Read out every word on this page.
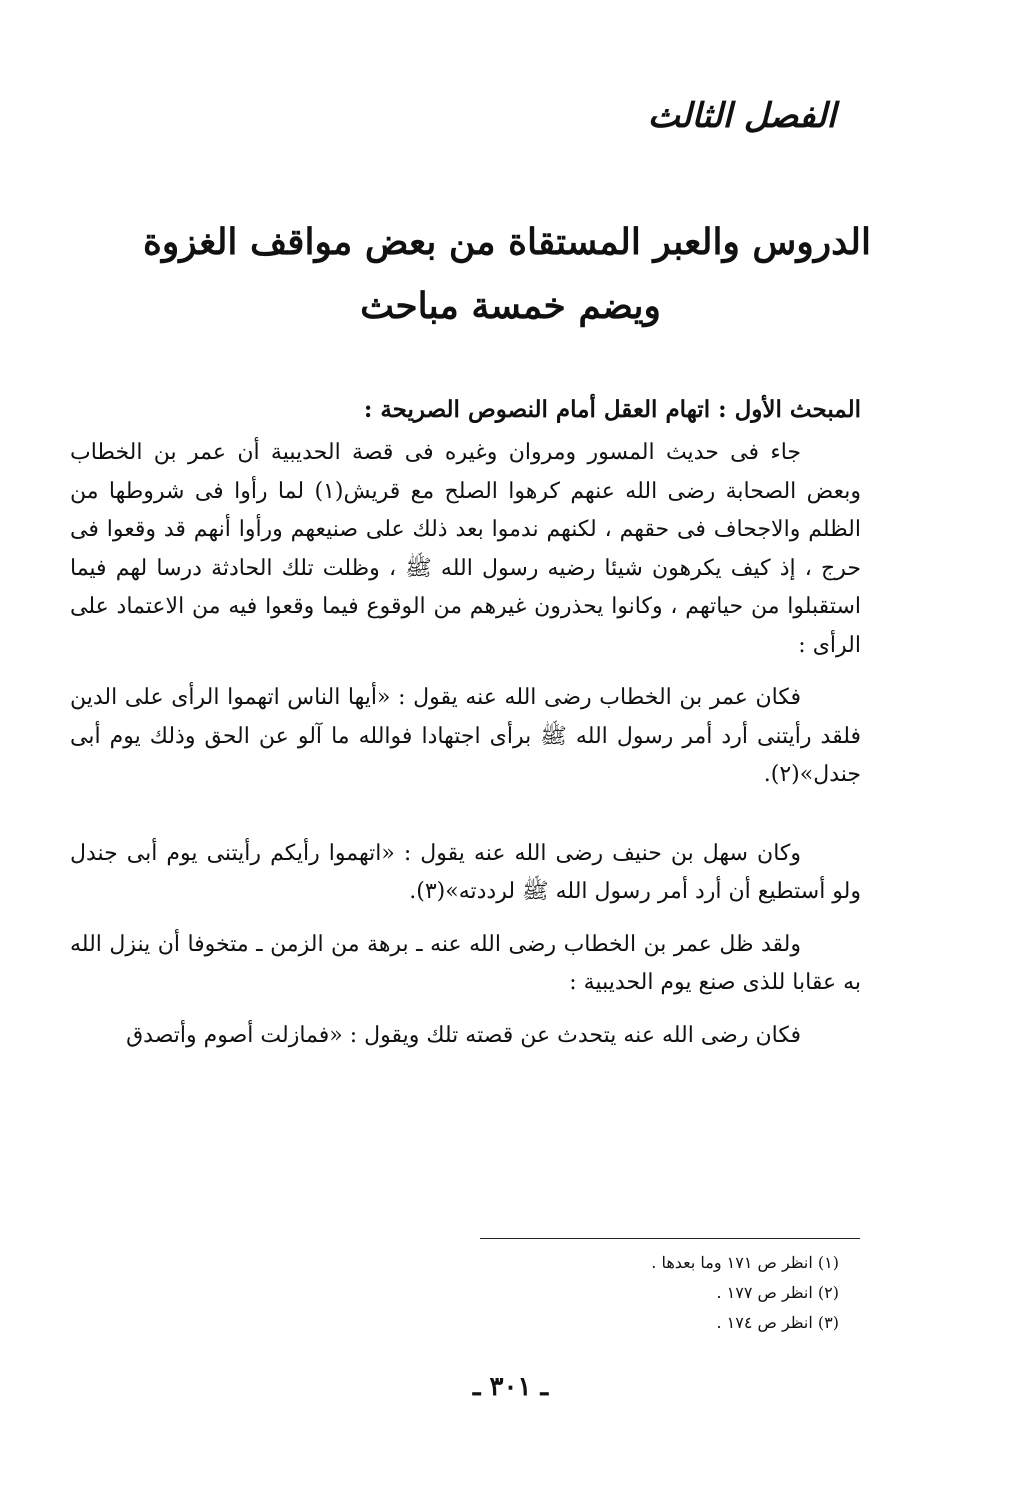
الفصل الثالث
الدروس والعبر المستقاة من بعض مواقف الغزوة
ويضم خمسة مباحث
المبحث الأول : اتهام العقل أمام النصوص الصريحة :

جاء فى حديث المسور ومروان وغيره فى قصة الحديبية أن عمر بن الخطاب وبعض الصحابة رضى الله عنهم كرهوا الصلح مع قريش(١) لما رأوا فى شروطها من الظلم والاجحاف فى حقهم ، لكنهم ندموا بعد ذلك على صنيعهم ورأوا أنهم قد وقعوا فى حرج ، إذ كيف يكرهون شيئا رضيه رسول الله ﷺ ، وظلت تلك الحادثة درسا لهم فيما استقبلوا من حياتهم ، وكانوا يحذرون غيرهم من الوقوع فيما وقعوا فيه من الاعتماد على الرأى :

فكان عمر بن الخطاب رضى الله عنه يقول : «أيها الناس اتهموا الرأى على الدين فلقد رأيتنى أرد أمر رسول الله ﷺ برأى اجتهادا فوالله ما آلو عن الحق وذلك يوم أبى جندل»(٢).

وكان سهل بن حنيف رضى الله عنه يقول : «اتهموا رأيكم رأيتنى يوم أبى جندل ولو أستطيع أن أرد أمر رسول الله ﷺ لرددته»(٣).

ولقد ظل عمر بن الخطاب رضى الله عنه ـ برهة من الزمن ـ متخوفا أن ينزل الله به عقابا للذى صنع يوم الحديبية :

فكان رضى الله عنه يتحدث عن قصته تلك ويقول : «فمازلت أصوم وأتصدق

(١) انظر ص ١٧١ وما بعدها .
(٢) انظر ص ١٧٧ .
(٣) انظر ص ١٧٤ .
ـ ٣٠١ ـ
